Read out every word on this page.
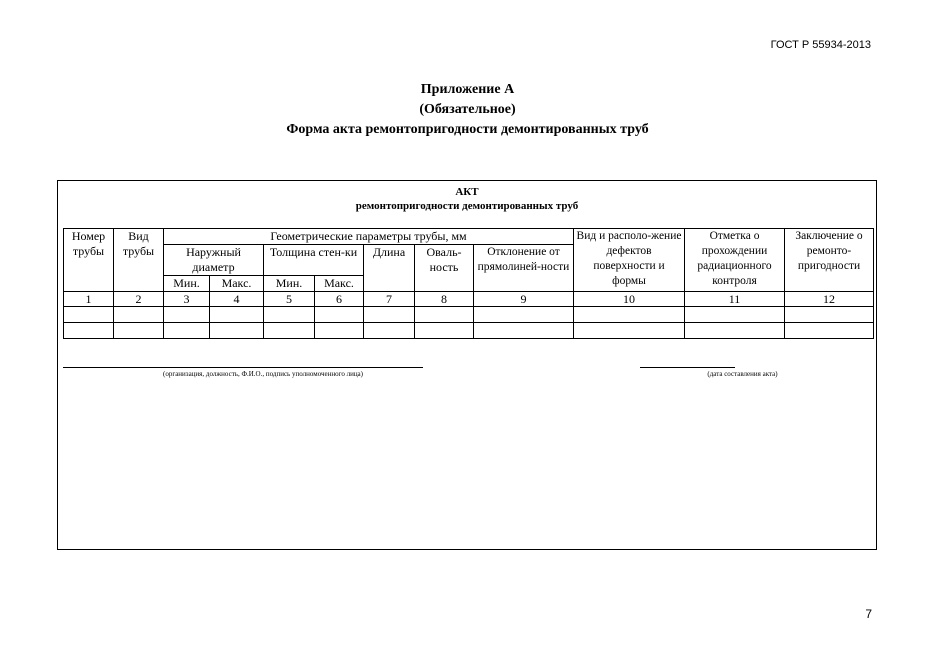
ГОСТ Р 55934-2013
Приложение А
(Обязательное)
Форма акта ремонтопригодности демонтированных труб
АКТ
ремонтопригодности демонтированных труб
Номер трубы	Вид трубы	Геометрические параметры трубы, мм							Вид и располо-жение дефектов поверхности и формы	Отметка о прохождении радиационного контроля	Заключение о ремонто-пригодности
		Наружный диаметр		Толщина стен-ки		Длина	Оваль-ность	Отклонение от прямолиней-ности			
		Мин.	Макс.	Мин.	Макс.						
1	2	3	4	5	6	7	8	9	10	11	12

(организация, должность, Ф.И.О., подпись уполномоченного лица)	(дата составления акта)
7
